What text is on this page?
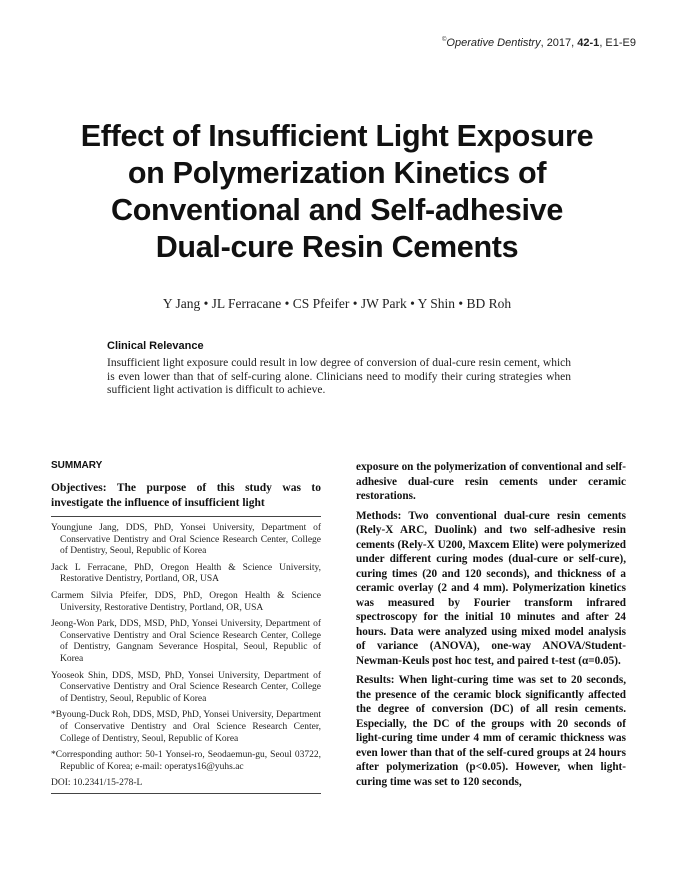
©Operative Dentistry, 2017, 42-1, E1-E9
Effect of Insufficient Light Exposure
on Polymerization Kinetics of
Conventional and Self-adhesive
Dual-cure Resin Cements
Y Jang • JL Ferracane • CS Pfeifer • JW Park • Y Shin • BD Roh
Clinical Relevance

Insufficient light exposure could result in low degree of conversion of dual-cure resin cement, which is even lower than that of self-curing alone. Clinicians need to modify their curing strategies when sufficient light activation is difficult to achieve.

SUMMARY

Objectives: The purpose of this study was to investigate the influence of insufficient light

Youngjune Jang, DDS, PhD, Yonsei University, Department of Conservative Dentistry and Oral Science Research Center, College of Dentistry, Seoul, Republic of Korea

Jack L Ferracane, PhD, Oregon Health & Science University, Restorative Dentistry, Portland, OR, USA

Carmem Silvia Pfeifer, DDS, PhD, Oregon Health & Science University, Restorative Dentistry, Portland, OR, USA

Jeong-Won Park, DDS, MSD, PhD, Yonsei University, Department of Conservative Dentistry and Oral Science Research Center, College of Dentistry, Gangnam Severance Hospital, Seoul, Republic of Korea

Yooseok Shin, DDS, MSD, PhD, Yonsei University, Department of Conservative Dentistry and Oral Science Research Center, College of Dentistry, Seoul, Republic of Korea

*Byoung-Duck Roh, DDS, MSD, PhD, Yonsei University, Department of Conservative Dentistry and Oral Science Research Center, College of Dentistry, Seoul, Republic of Korea

*Corresponding author: 50-1 Yonsei-ro, Seodaemun-gu, Seoul 03722, Republic of Korea; e-mail: operatys16@yuhs.ac

DOI: 10.2341/15-278-L

exposure on the polymerization of conventional and self-adhesive dual-cure resin cements under ceramic restorations.

Methods: Two conventional dual-cure resin cements (Rely-X ARC, Duolink) and two self-adhesive resin cements (Rely-X U200, Maxcem Elite) were polymerized under different curing modes (dual-cure or self-cure), curing times (20 and 120 seconds), and thickness of a ceramic overlay (2 and 4 mm). Polymerization kinetics was measured by Fourier transform infrared spectroscopy for the initial 10 minutes and after 24 hours. Data were analyzed using mixed model analysis of variance (ANOVA), one-way ANOVA/Student-Newman-Keuls post hoc test, and paired t-test (α=0.05).

Results: When light-curing time was set to 20 seconds, the presence of the ceramic block significantly affected the degree of conversion (DC) of all resin cements. Especially, the DC of the groups with 20 seconds of light-curing time under 4 mm of ceramic thickness was even lower than that of the self-cured groups at 24 hours after polymerization (p<0.05). However, when light-curing time was set to 120 seconds,
